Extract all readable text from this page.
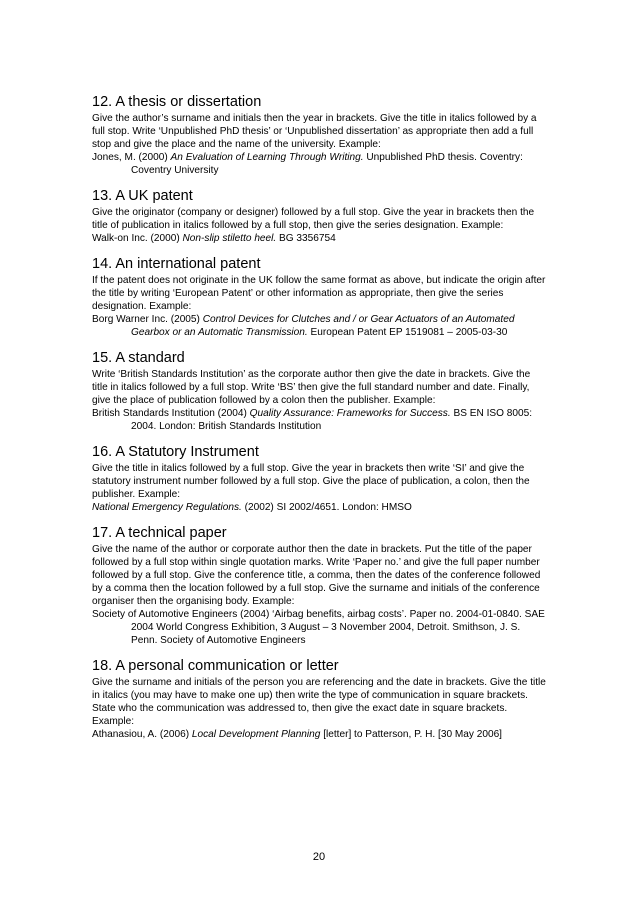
12. A thesis or dissertation

Give the author’s surname and initials then the year in brackets. Give the title in italics followed by a full stop. Write ‘Unpublished PhD thesis’ or ‘Unpublished dissertation’ as appropriate then add a full stop and give the place and the name of the university. Example:

Jones, M. (2000) An Evaluation of Learning Through Writing. Unpublished PhD thesis. Coventry: Coventry University

13. A UK patent

Give the originator (company or designer) followed by a full stop. Give the year in brackets then the title of publication in italics followed by a full stop, then give the series designation. Example:

Walk-on Inc. (2000) Non-slip stiletto heel. BG 3356754

14. An international patent

If the patent does not originate in the UK follow the same format as above, but indicate the origin after the title by writing ‘European Patent’ or other information as appropriate, then give the series designation. Example:

Borg Warner Inc. (2005) Control Devices for Clutches and / or Gear Actuators of an Automated Gearbox or an Automatic Transmission. European Patent EP 1519081 – 2005-03-30

15. A standard

Write ‘British Standards Institution’ as the corporate author then give the date in brackets. Give the title in italics followed by a full stop. Write ‘BS’ then give the full standard number and date. Finally, give the place of publication followed by a colon then the publisher. Example:

British Standards Institution (2004) Quality Assurance: Frameworks for Success. BS EN ISO 8005: 2004. London: British Standards Institution

16. A Statutory Instrument

Give the title in italics followed by a full stop. Give the year in brackets then write ‘SI’ and give the statutory instrument number followed by a full stop. Give the place of publication, a colon, then the publisher. Example:

National Emergency Regulations. (2002) SI 2002/4651. London: HMSO

17. A technical paper

Give the name of the author or corporate author then the date in brackets. Put the title of the paper followed by a full stop within single quotation marks. Write ‘Paper no.’ and give the full paper number followed by a full stop. Give the conference title, a comma, then the dates of the conference followed by a comma then the location followed by a full stop. Give the surname and initials of the conference organiser then the organising body. Example:

Society of Automotive Engineers (2004) ‘Airbag benefits, airbag costs’. Paper no. 2004-01-0840. SAE 2004 World Congress Exhibition, 3 August – 3 November 2004, Detroit. Smithson, J. S. Penn. Society of Automotive Engineers

18. A personal communication or letter

Give the surname and initials of the person you are referencing and the date in brackets. Give the title in italics (you may have to make one up) then write the type of communication in square brackets. State who the communication was addressed to, then give the exact date in square brackets. Example:

Athanasiou, A. (2006) Local Development Planning [letter] to Patterson, P. H. [30 May 2006]

20
